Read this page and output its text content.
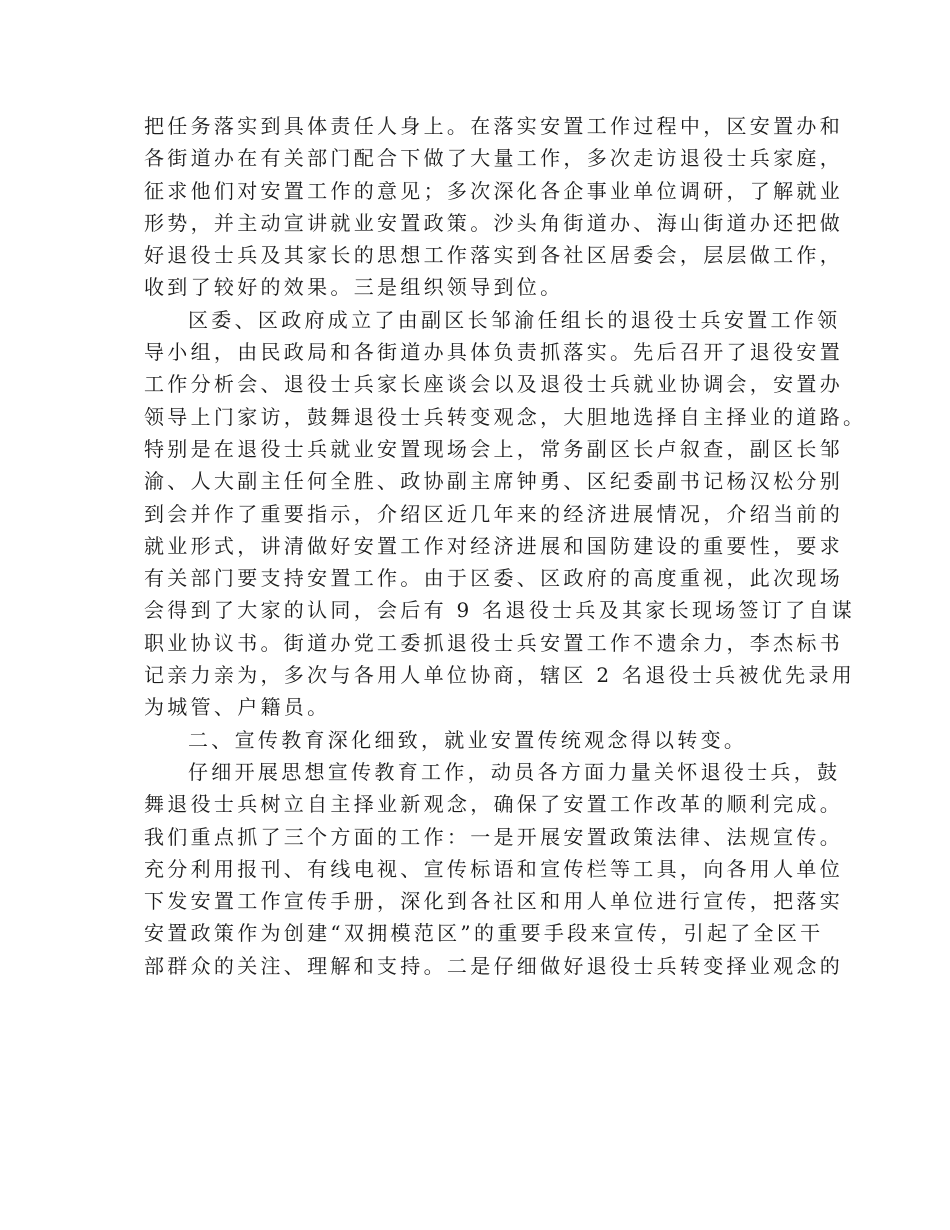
把任务落实到具体责任人身上。在落实安置工作过程中，区安置办和
各街道办在有关部门配合下做了大量工作，多次走访退役士兵家庭，
征求他们对安置工作的意见；多次深化各企事业单位调研，了解就业
形势，并主动宣讲就业安置政策。沙头角街道办、海山街道办还把做
好退役士兵及其家长的思想工作落实到各社区居委会，层层做工作，
收到了较好的效果。三是组织领导到位。
区委、区政府成立了由副区长邹渝任组长的退役士兵安置工作领
导小组，由民政局和各街道办具体负责抓落实。先后召开了退役安置
工作分析会、退役士兵家长座谈会以及退役士兵就业协调会，安置办
领导上门家访，鼓舞退役士兵转变观念，大胆地选择自主择业的道路。
特别是在退役士兵就业安置现场会上，常务副区长卢叙查，副区长邹
渝、人大副主任何全胜、政协副主席钟勇、区纪委副书记杨汉松分别
到会并作了重要指示，介绍区近几年来的经济进展情况，介绍当前的
就业形式，讲清做好安置工作对经济进展和国防建设的重要性，要求
有关部门要支持安置工作。由于区委、区政府的高度重视，此次现场
会得到了大家的认同，会后有 9 名退役士兵及其家长现场签订了自谋
职业协议书。街道办党工委抓退役士兵安置工作不遗余力，李杰标书
记亲力亲为，多次与各用人单位协商，辖区 2 名退役士兵被优先录用
为城管、户籍员。
二、宣传教育深化细致，就业安置传统观念得以转变。
仔细开展思想宣传教育工作，动员各方面力量关怀退役士兵，鼓
舞退役士兵树立自主择业新观念，确保了安置工作改革的顺利完成。
我们重点抓了三个方面的工作：一是开展安置政策法律、法规宣传。
充分利用报刊、有线电视、宣传标语和宣传栏等工具，向各用人单位
下发安置工作宣传手册，深化到各社区和用人单位进行宣传，把落实
安置政策作为创建“双拥模范区”的重要手段来宣传，引起了全区干
部群众的关注、理解和支持。二是仔细做好退役士兵转变择业观念的
